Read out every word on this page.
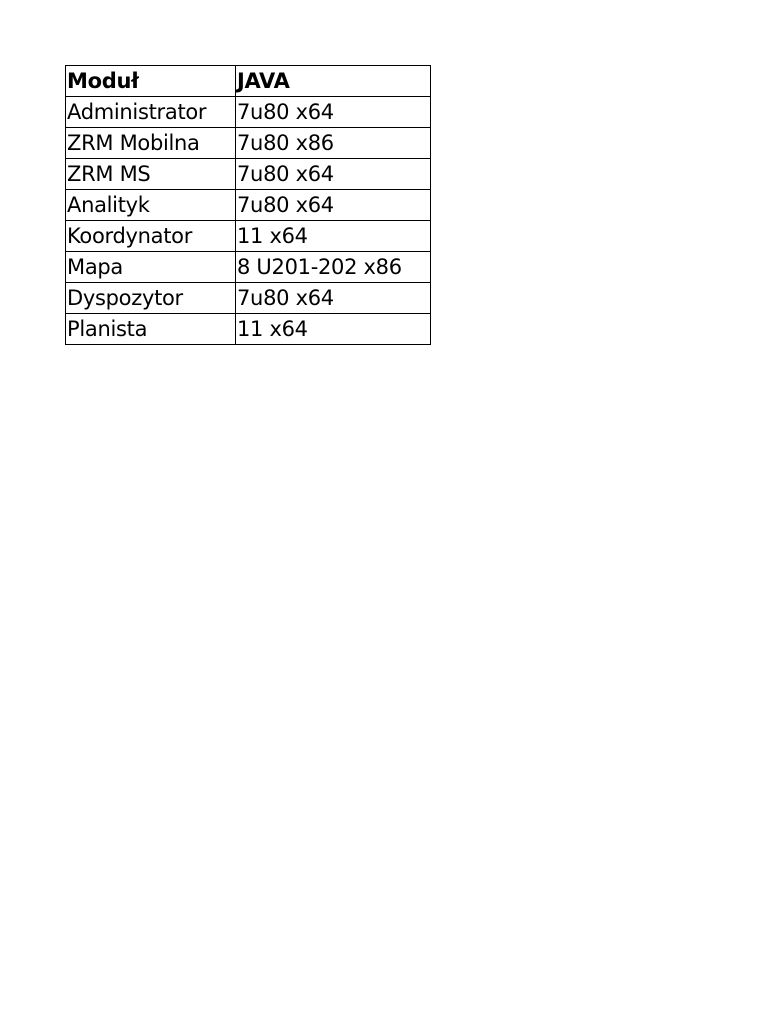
Moduł	JAVA
Administrator	7u80 x64
ZRM Mobilna	7u80 x86
ZRM MS	7u80 x64
Analityk	7u80 x64
Koordynator	11 x64
Mapa	8 U201-202 x86
Dyspozytor	7u80 x64
Planista	11 x64
